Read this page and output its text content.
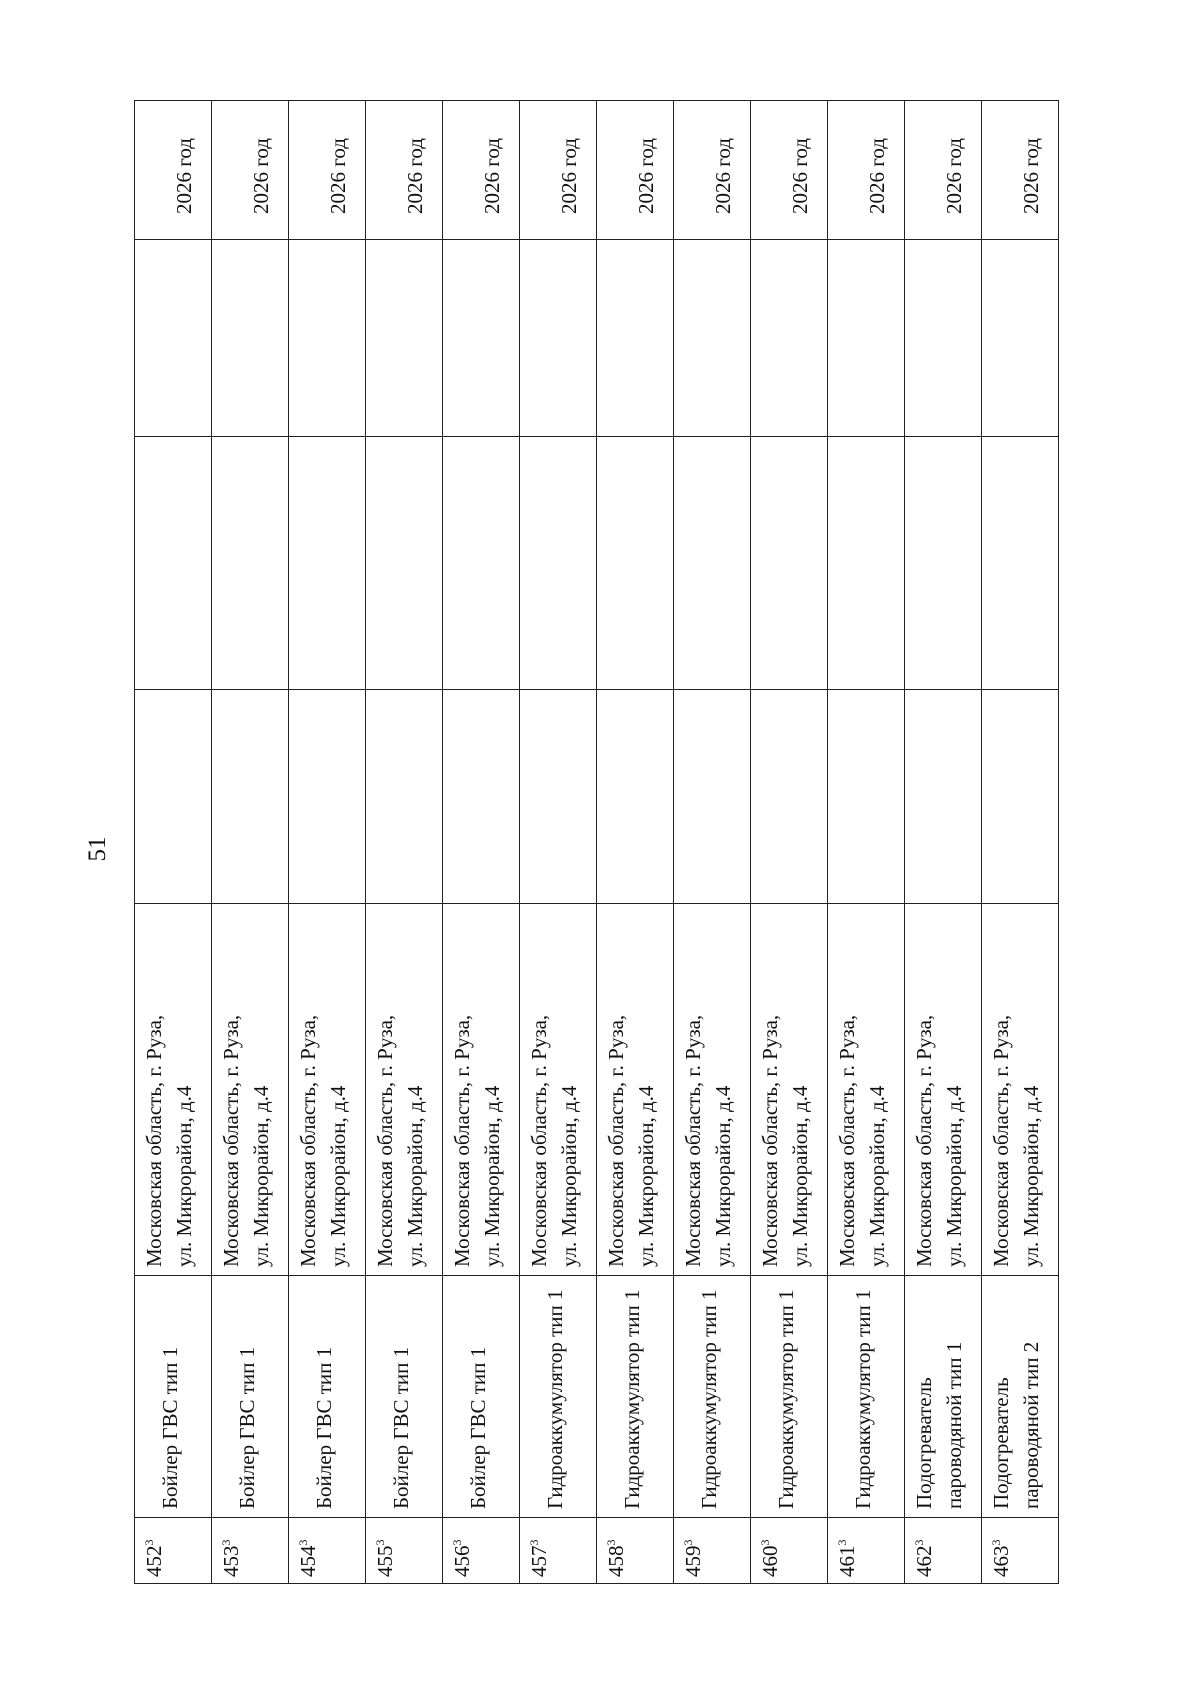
51
$452^3$	Бойлер ГВС тип 1	Московская область, г. Руза, ул. Микрорайон, д.4				2026 год
$453^3$	Бойлер ГВС тип 1	Московская область, г. Руза, ул. Микрорайон, д.4				2026 год
$454^3$	Бойлер ГВС тип 1	Московская область, г. Руза, ул. Микрорайон, д.4				2026 год
$455^3$	Бойлер ГВС тип 1	Московская область, г. Руза, ул. Микрорайон, д.4				2026 год
$456^3$	Бойлер ГВС тип 1	Московская область, г. Руза, ул. Микрорайон, д.4				2026 год
$457^3$	Гидроаккумулятор тип 1	Московская область, г. Руза, ул. Микрорайон, д.4				2026 год
$458^3$	Гидроаккумулятор тип 1	Московская область, г. Руза, ул. Микрорайон, д.4				2026 год
$459^3$	Гидроаккумулятор тип 1	Московская область, г. Руза, ул. Микрорайон, д.4				2026 год
$460^3$	Гидроаккумулятор тип 1	Московская область, г. Руза, ул. Микрорайон, д.4				2026 год
$461^3$	Гидроаккумулятор тип 1	Московская область, г. Руза, ул. Микрорайон, д.4				2026 год
$462^3$	Подогреватель пароводяной тип 1	Московская область, г. Руза, ул. Микрорайон, д.4				2026 год
$463^3$	Подогреватель пароводяной тип 2	Московская область, г. Руза, ул. Микрорайон, д.4				2026 год
